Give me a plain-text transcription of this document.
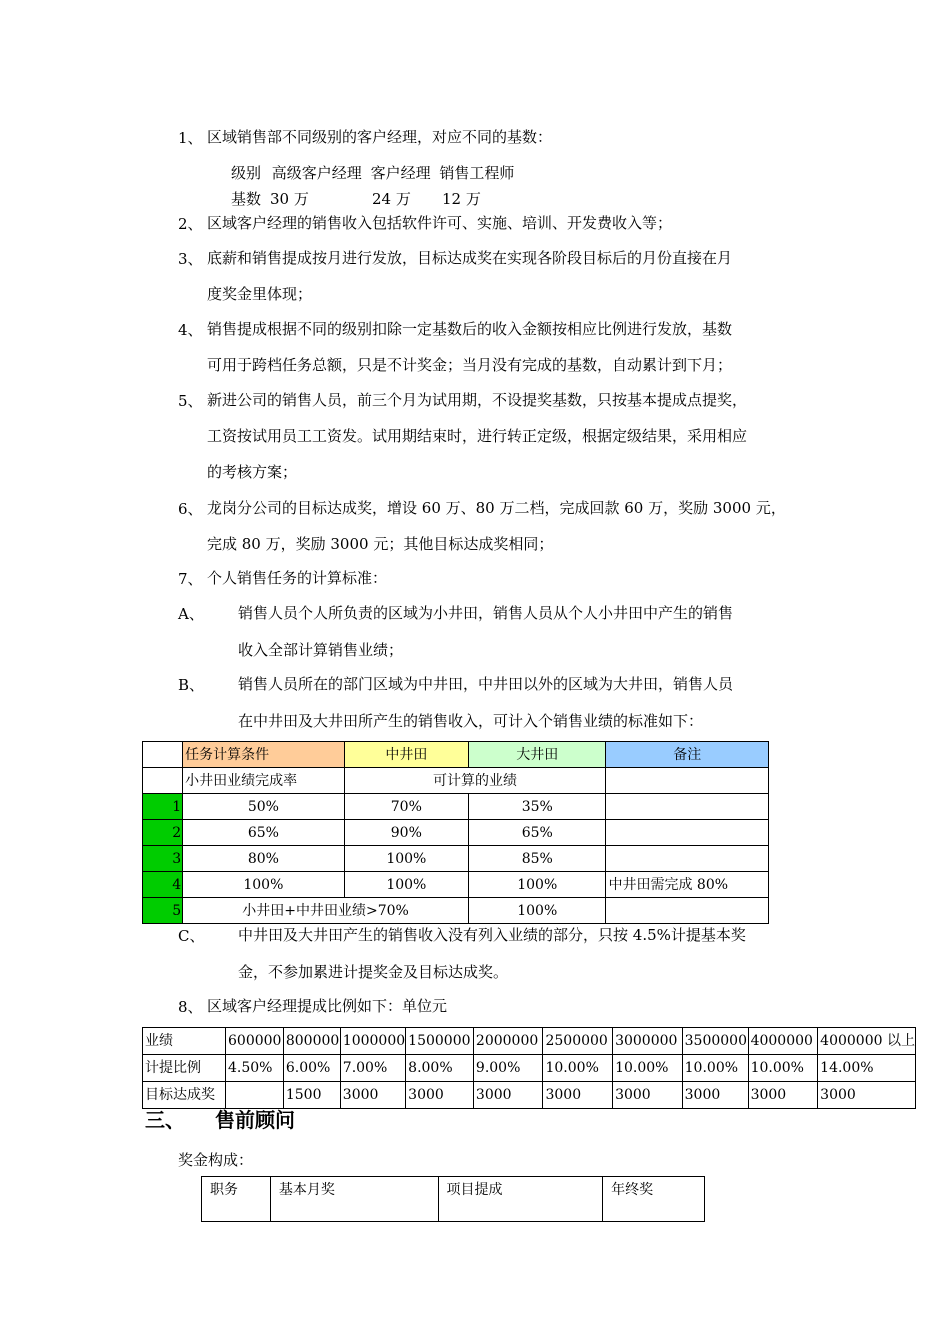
1、 区域销售部不同级别的客户经理，对应不同的基数：
级别 高级客户经理 客户经理 销售工程师
基数 30 万	24 万 12 万
2、 区域客户经理的销售收入包括软件许可、实施、培训、开发费收入等；
3、 底薪和销售提成按月进行发放，目标达成奖在实现各阶段目标后的月份直接在月
度奖金里体现；
4、 销售提成根据不同的级别扣除一定基数后的收入金额按相应比例进行发放，基数
可用于跨档任务总额，只是不计奖金；当月没有完成的基数，自动累计到下月；
5、 新进公司的销售人员，前三个月为试用期，不设提奖基数，只按基本提成点提奖，
工资按试用员工工资发。试用期结束时，进行转正定级，根据定级结果，采用相应
的考核方案；
6、 龙岗分公司的目标达成奖，增设 60 万、80 万二档，完成回款 60 万，奖励 3000 元，
完成 80 万，奖励 3000 元；其他目标达成奖相同；
7、 个人销售任务的计算标准：
A、 销售人员个人所负责的区域为小井田，销售人员从个人小井田中产生的销售
收入全部计算销售业绩；
B、 销售人员所在的部门区域为中井田，中井田以外的区域为大井田，销售人员
在中井田及大井田所产生的销售收入，可计入个销售业绩的标准如下：
	任务计算条件	中井田	大井田	备注
	小井田业绩完成率	可计算的业绩		
1	50%	70%	35%	
2	65%	90%	65%	
3	80%	100%	85%	
4	100%	100%	100%	中井田需完成 80%
5	小井田+中井田业绩>70%		100%	
C、 中井田及大井田产生的销售收入没有列入业绩的部分，只按 4.5%计提基本奖
金，不参加累进计提奖金及目标达成奖。
8、 区域客户经理提成比例如下：单位元
业绩	600000	800000	1000000	1500000	2000000	2500000	3000000	3500000	4000000	4000000 以上
计提比例	4.50%	6.00%	7.00%	8.00%	9.00%	10.00%	10.00%	10.00%	10.00%	14.00%
目标达成奖		1500	3000	3000	3000	3000	3000	3000	3000	3000
三、 售前顾问
奖金构成：
职务	基本月奖	项目提成	年终奖
